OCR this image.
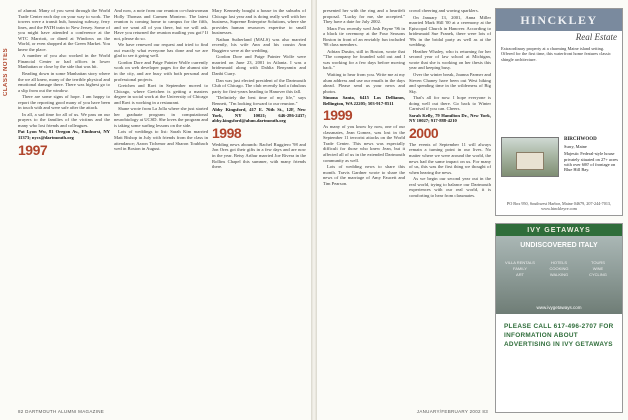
CLASS NOTES

of alumni. Many of you went through the World Trade Center each day on your way to work. The towers were a transit hub, housing subway, ferry lines, and the PATH train to New Jersey. Some of you might have attended a conference at the WTC Marriott, or dined at Windows on the World, or even shopped at the Green Market. You knew the place.

A number of you also worked in the World Financial Center or had offices in lower Manhattan or close by the side that was hit.

Reading down in some Manhattan story where the we all knew, many of the terrible physical and emotional damage there. There was highest go to a slip from out the window.

There are some signs of hope. I am happy to report the reporting good many of you have been in touch with and were safe after the attack.

In all, a sad time for all of us. We pass on our prayers to the families of the victims and the many who lost friends and colleagues.

Pat Lyon Wu, 81 Oregon Av., Elmhurst, NY 11373; nycs@dartmouth.org

1997

And now, a note from our reunion co-chairwoman Holly Thomas and Carmen Montero. The latest reunion is coming home to campus for the fifth, and we want all of you there, but we will ask. Have you returned the reunion mailing you got? If not, please do so.

We have renewed our request and tried to find out exactly what everyone has done and we are glad to see it going well.

Gordon Dore and Paige Painter Wolfe currently work on web developer pages for the alumni site in the city, and are busy with both personal and professional projects.

Gretchen and Ravi in September moved to Chicago, where Gretchen is getting a masters degree in social work at the University of Chicago and Ravi is working in a restaurant.

Shane wrote from La Jolla where she just started her graduate program in computational neurobiology at UCSD. She loves the program and is taking some surfing lessons on the side.

Lots of weddings to list: Sarah Kim married Matt Bishop in July with friends from the class in attendance; Aaron Tichenor and Sharon Toubbach wed in Boston in August.

Mary Kennedy bought a house in the suburbs of Chicago last year and is doing really well with her business, Supreme Enterprise Solutions, where she provides human resources expertise to small businesses.

Nathan Sutherland (MALS) was also married recently, his wife Ann and his cousin Ann Ruggiero were at the wedding.

Gordon Dore and Paige Painter Wolfe were married on June 23, 2001 in Atlanta. I was a bridesmaid along with Dahlia Benyamin and Danbi Curry.

Dan was just elected president of the Dartmouth Club of Chicago. The club recently had a fabulous party for first-years heading to Hanover this fall.

"Definitely the best time of my life," says Bennett, "I'm looking forward to our reunion."

Abby Kingsford, 417 E. 76th St., 12F, New York, NY 10021; 646-286-2437; abby.kingsford@alum.dartmouth.org

1998

Wedding news abounds: Rachel Ruggiero '98 and Jon Ores got their gifts in a few days and are now in the year. Betsy Arthur married Joe Rivera in the Rollins Chapel this summer, with many friends there.

82 DARTMOUTH ALUMNI MAGAZINE

presented her with the ring and a heartfelt proposal. "Lucky for me, she accepted." They have a date for July 2002.

Mara Fox recently wed Josh Payne '96 in a black tie ceremony at the Four Seasons Boston in front of an enviably fun included '98 class members.

Adrian Dustin, still in Boston, wrote that "The company he founded sold out and I was working for a few days before moving back."

Waiting to hear from you. Write me at my alum address and use our emails in the days ahead. Please send us your news and photos.

Simona Santa, 6415 Los Dellianos, Bellington, WA 22205; 503-917-8511

1999

As many of you know by now, one of our classmates, Jean Gomez, was lost in the September 11 terrorist attacks on the World Trade Center. This news was especially difficult for those who knew Jean, but it affected all of us in the extended Dartmouth community as well.

Lots of wedding news to share this month. Travis Gardner wrote to share the news of the marriage of Amy Faucett and Tim Pearson.

crowd cheering and waving sparklers.

On January 13, 2001, Anna Miller married Mark Hill '00 at a ceremony at the Episcopal Church in Hanover. According to bridesmaid Sue Franek, there were lots of '99s in the bridal party as well as at the wedding.

Heather Whaley, who is returning for her second year of law school at Michigan, wrote that she is working on her thesis this year and keeping busy.

Over the winter break, Joanna Parmer and Steven Chaney have been out West hiking and spending time in the wilderness of Big Sky.

That's all for now. I hope everyone is doing well out there. Go back to Winter Carnival if you can. Cheers.

Sarah Kelly, 79 Hamilton Dr., New York, NY 10027; 917-888-4210

2000

The events of September 11 will always remain a turning point in our lives. No matter where we were around the world, the news had the same impact on us. For many of us, this was the first thing we thought of when hearing the news.

As we begin our second year out in the real world, trying to balance our Dartmouth experiences with our real world, it is comforting to hear from classmates.

JANUARY/FEBRUARY 2002 83
HINCKLEY
Real Estate

Extraordinary property at a charming Maine island setting. Offered for the first time, this waterfront home features classic shingle architecture.

BIRCHWOOD
Surry, Maine
Majestic Federal-style house privately situated on 27+ acres with over 600' of frontage on Blue Hill Bay.
PO Box 950, Southwest Harbor, Maine 04679, 207-244-7013, www.hinckleyre.com
IVY GETAWAYS
UNDISCOVERED ITALY
VILLA RENTALS	HOTELS	TOURS
FAMILY	COOKING	WINE
ART	WALKING	CYCLING
www.ivygetaways.com
PLEASE CALL 617-496-2707 FOR INFORMATION ABOUT ADVERTISING IN IVY GETAWAYS
